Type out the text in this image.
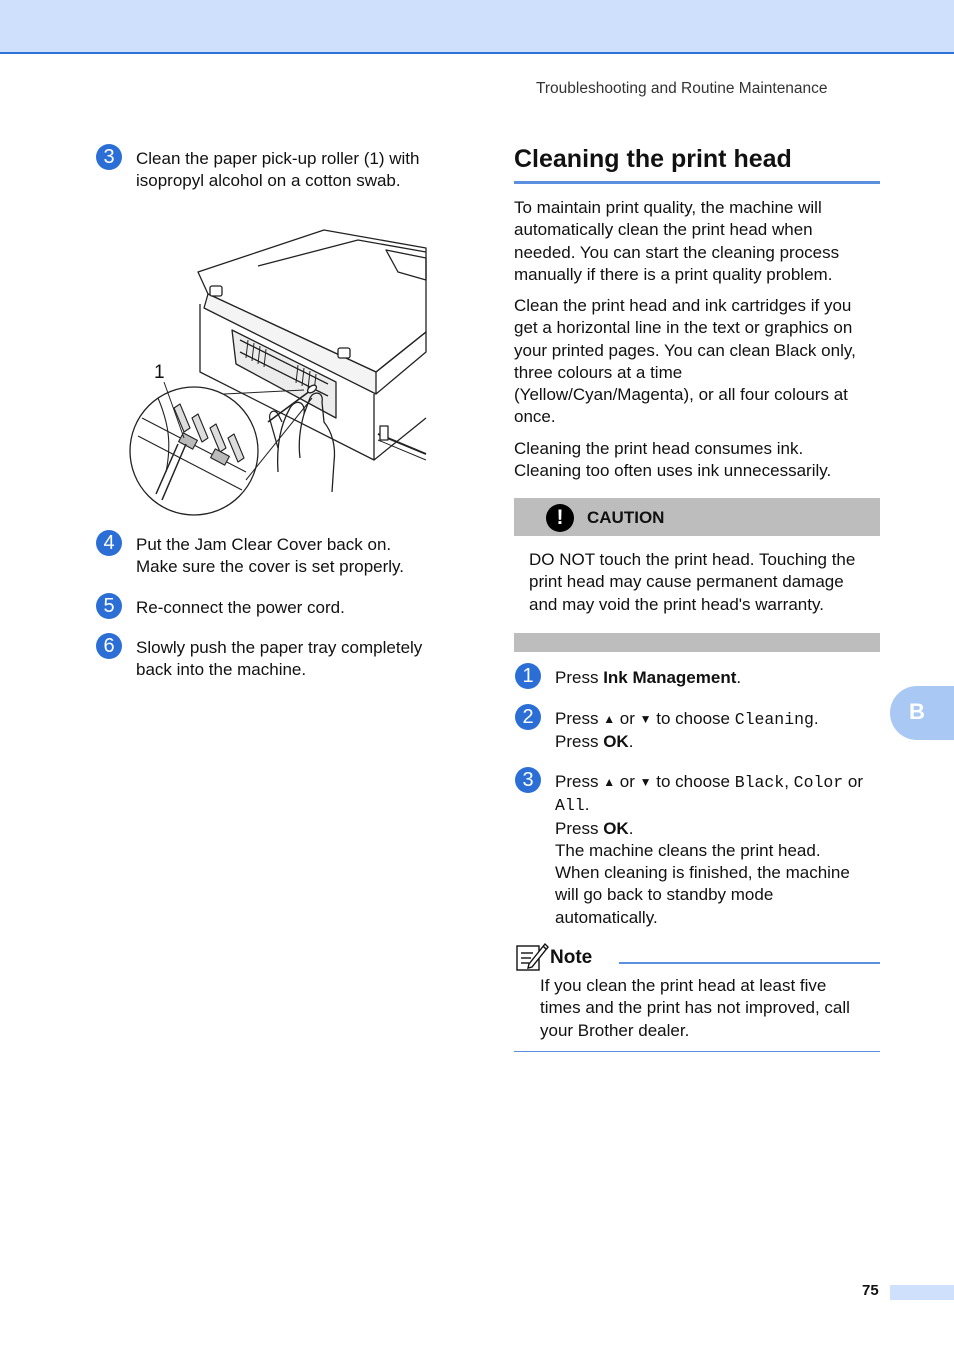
Troubleshooting and Routine Maintenance
3	Clean the paper pick-up roller (1) with
isopropyl alcohol on a cotton swab.
1
4	Put the Jam Clear Cover back on.
Make sure the cover is set properly.
5	Re-connect the power cord.
6	Slowly push the paper tray completely
back into the machine.
Cleaning the print head
To maintain print quality, the machine will
automatically clean the print head when
needed. You can start the cleaning process
manually if there is a print quality problem.
Clean the print head and ink cartridges if you
get a horizontal line in the text or graphics on
your printed pages. You can clean Black only,
three colours at a time
(Yellow/Cyan/Magenta), or all four colours at
once.
Cleaning the print head consumes ink.
Cleaning too often uses ink unnecessarily.
!	CAUTION
DO NOT touch the print head. Touching the
print head may cause permanent damage
and may void the print head's warranty.
1	Press Ink Management.
2	Press ▲ or ▼ to choose Cleaning.
Press OK.
3	Press ▲ or ▼ to choose Black, Color or
All.
Press OK.
The machine cleans the print head.
When cleaning is finished, the machine
will go back to standby mode
automatically.
Note
If you clean the print head at least five
times and the print has not improved, call
your Brother dealer.
B
75
